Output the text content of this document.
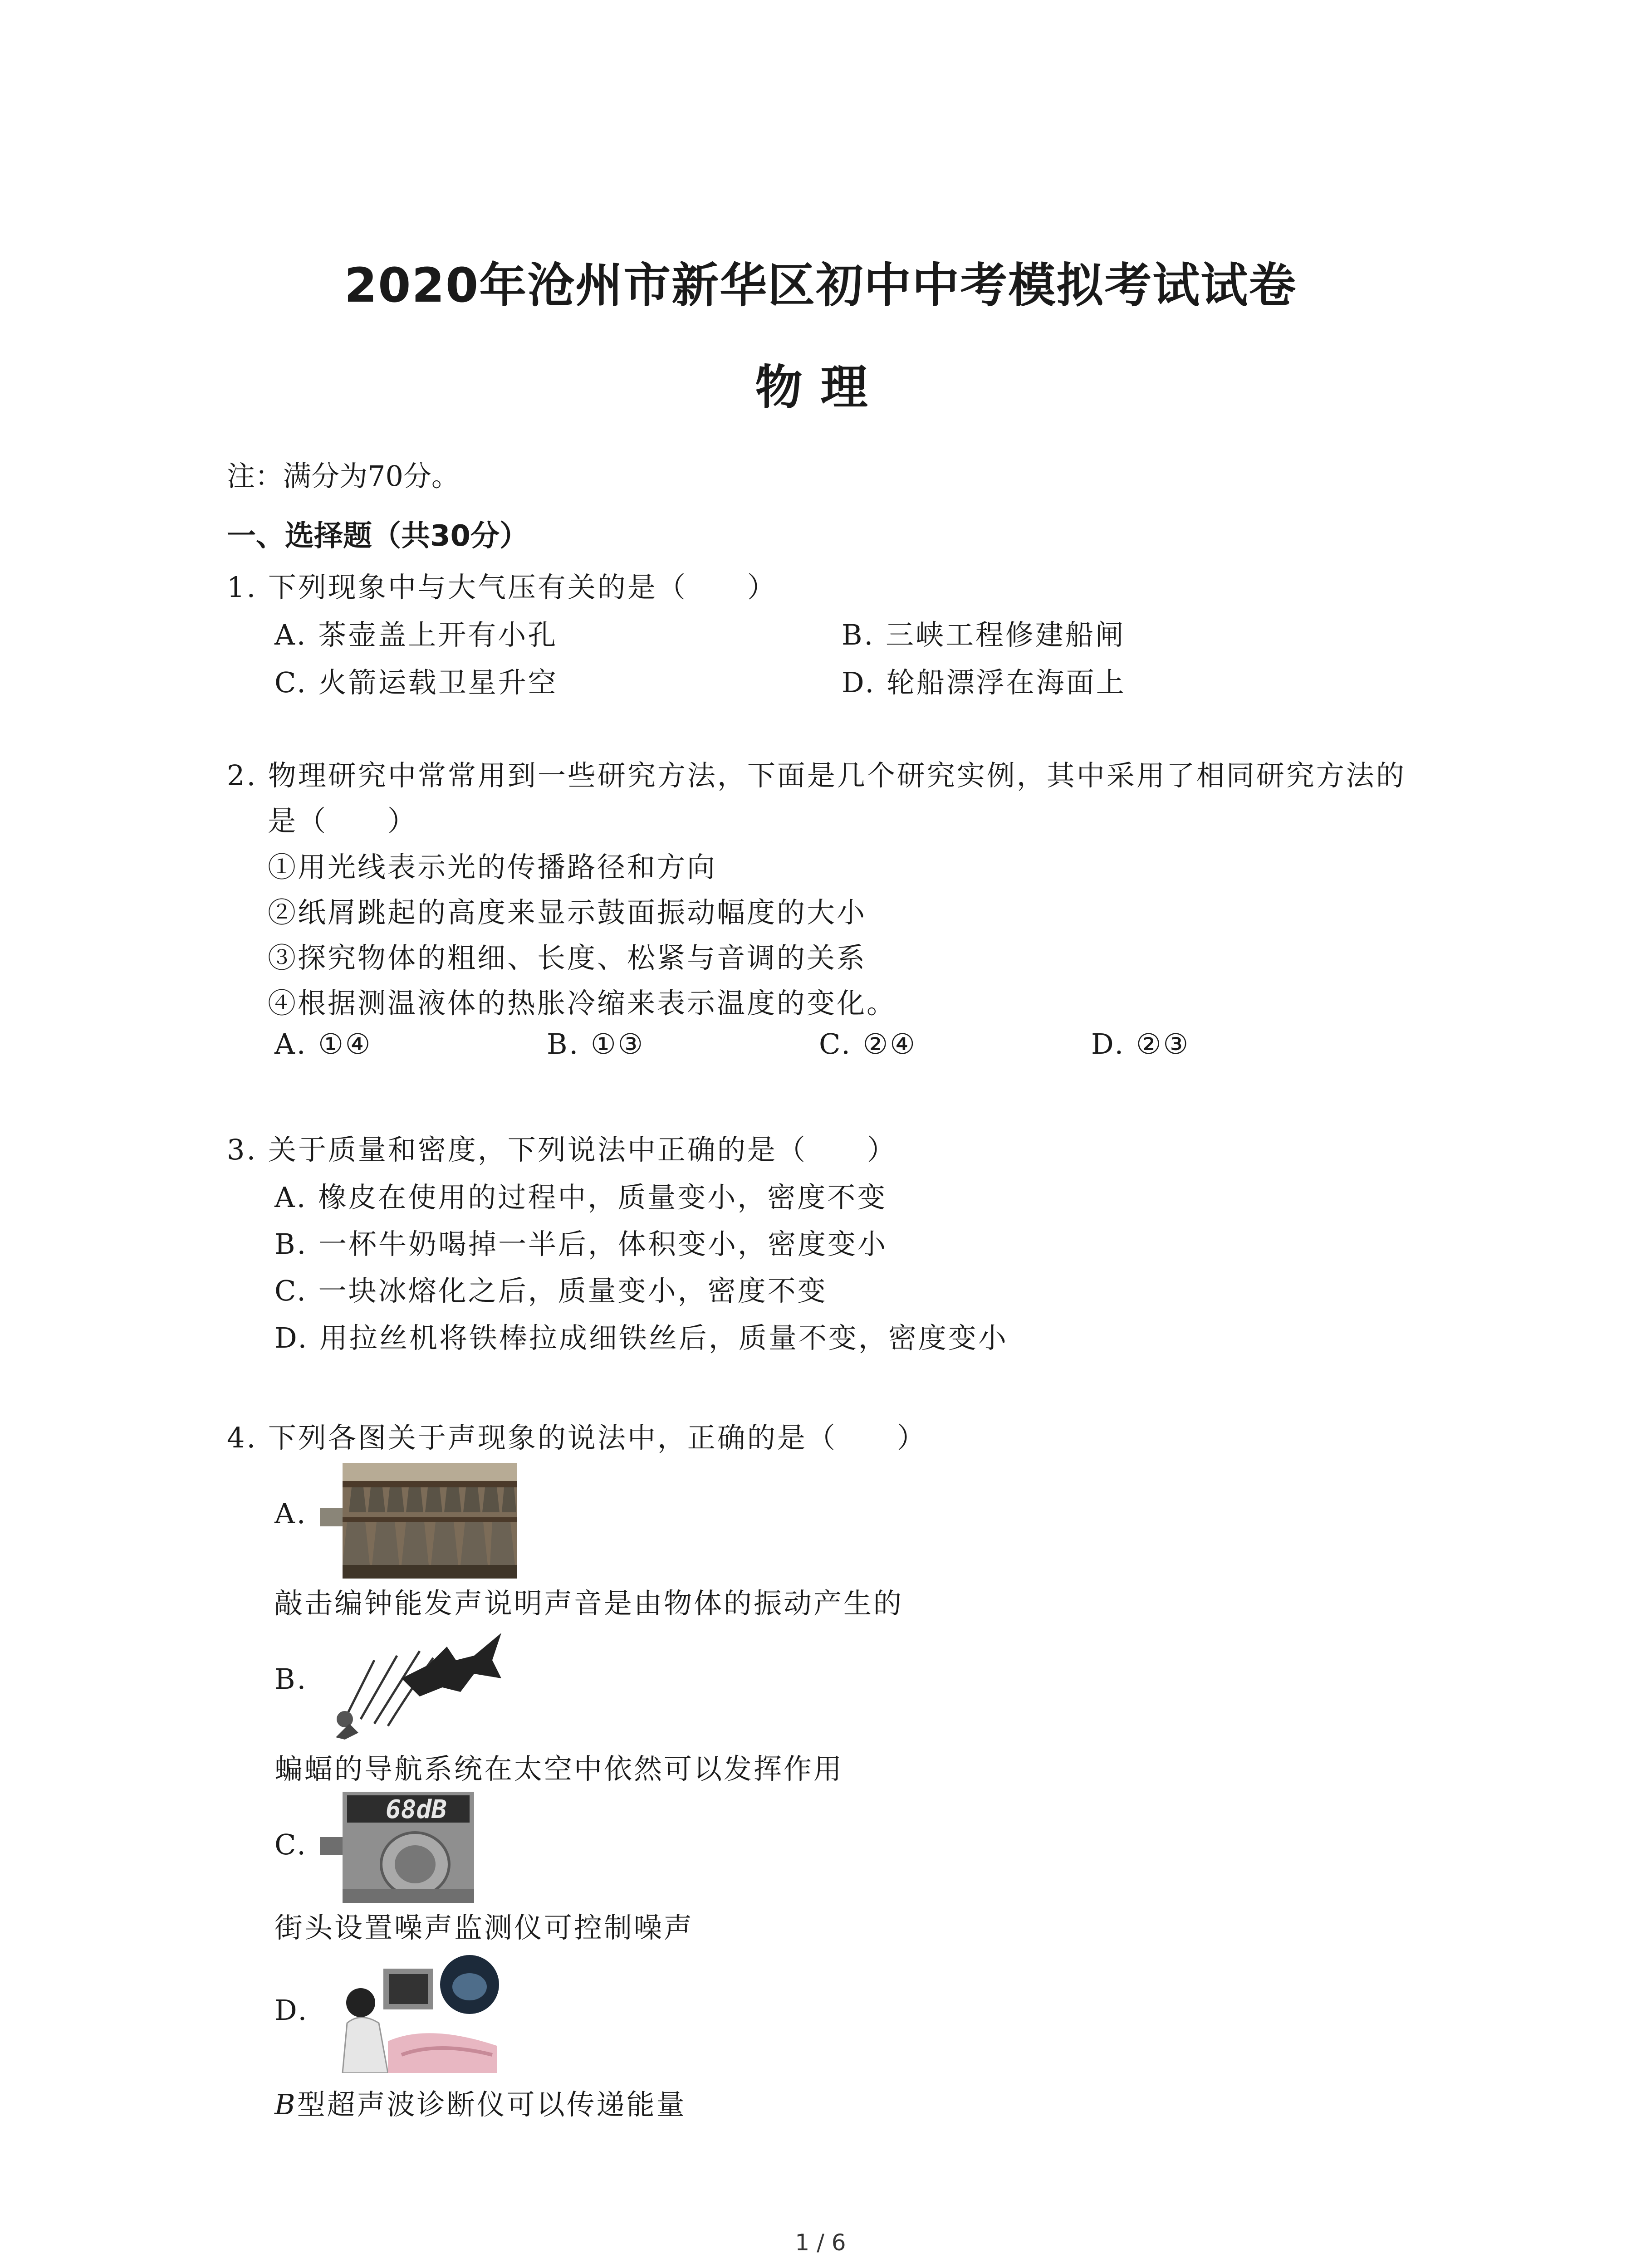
2020年沧州市新华区初中中考模拟考试试卷
物理
注：满分为70分。
一、选择题（共30分）
1. 下列现象中与大气压有关的是（　　）
A. 茶壶盖上开有小孔	B. 三峡工程修建船闸
C. 火箭运载卫星升空	D. 轮船漂浮在海面上
2. 物理研究中常常用到一些研究方法，下面是几个研究实例，其中采用了相同研究方法的
是（　　）
①用光线表示光的传播路径和方向
②纸屑跳起的高度来显示鼓面振动幅度的大小
③探究物体的粗细、长度、松紧与音调的关系
④根据测温液体的热胀冷缩来表示温度的变化。
A. ①④	B. ①③	C. ②④	D. ②③
3. 关于质量和密度，下列说法中正确的是（　　）
A. 橡皮在使用的过程中，质量变小，密度不变
B. 一杯牛奶喝掉一半后，体积变小，密度变小
C. 一块冰熔化之后，质量变小，密度不变
D. 用拉丝机将铁棒拉成细铁丝后，质量不变，密度变小
4. 下列各图关于声现象的说法中，正确的是（　　）
A.
敲击编钟能发声说明声音是由物体的振动产生的
B.
蝙蝠的导航系统在太空中依然可以发挥作用
C.
68dB
街头设置噪声监测仪可控制噪声
D.
B型超声波诊断仪可以传递能量
1 / 6
